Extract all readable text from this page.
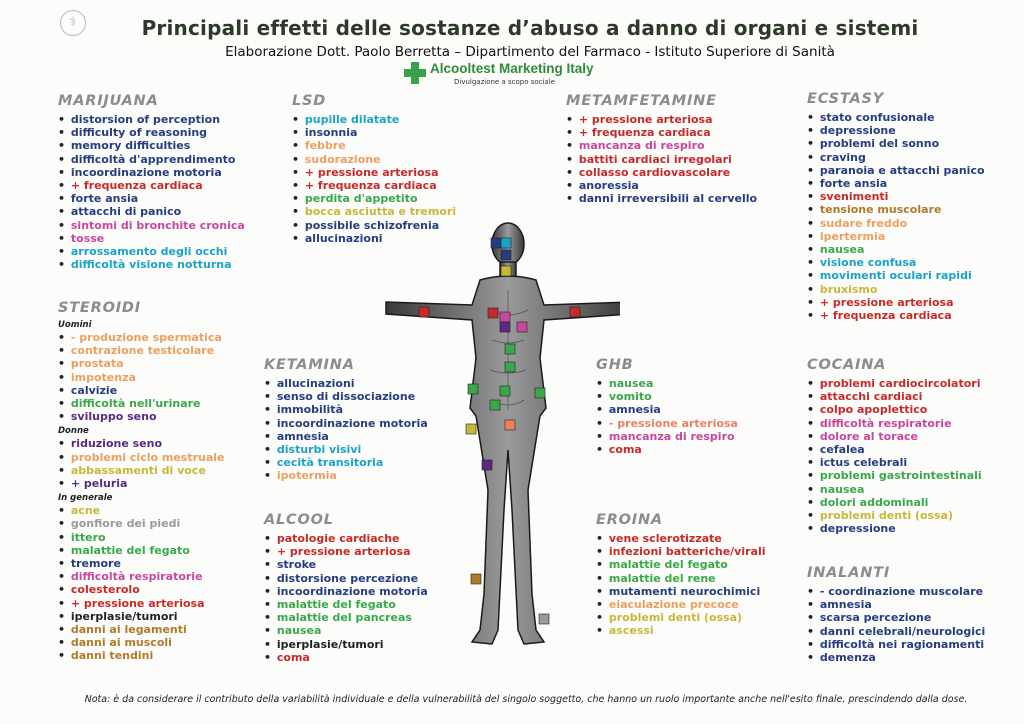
⚕	Principali effetti delle sostanze d’abuso a danno di organi e sistemi
Elaborazione Dott. Paolo Berretta – Dipartimento del Farmaco - Istituto Superiore di Sanità
Alcooltest Marketing Italy
Divulgazione a scopo sociale
MARIJUANA
• distorsion of perception
• difficulty of reasoning
• memory difficulties
• difficoltà d'apprendimento
• incoordinazione motoria
• + frequenza cardiaca
• forte ansia
• attacchi di panico
• sintomi di bronchite cronica
• tosse
• arrossamento degli occhi
• difficoltà visione notturna
STEROIDI
Uomini
• - produzione spermatica
• contrazione testicolare
• prostata
• impotenza
• calvizie
• difficoltà nell'urinare
• sviluppo seno
Donne
• riduzione seno
• problemi ciclo mestruale
• abbassamenti di voce
• + peluria
In generale
• acne
• gonfiore dei piedi
• ittero
• malattie del fegato
• tremore
• difficoltà respiratorie
• colesterolo
• + pressione arteriosa
• iperplasie/tumori
• danni ai legamenti
• danni ai muscoli
• danni tendini
LSD
• pupille dilatate
• insonnia
• febbre
• sudorazione
• + pressione arteriosa
• + frequenza cardiaca
• perdita d'appetito
• bocca asciutta e tremori
• possibile schizofrenia
• allucinazioni
KETAMINA
• allucinazioni
• senso di dissociazione
• immobilità
• incoordinazione motoria
• amnesia
• disturbi visivi
• cecità transitoria
• ipotermia
ALCOOL
• patologie cardiache
• + pressione arteriosa
• stroke
• distorsione percezione
• incoordinazione motoria
• malattie del fegato
• malattie del pancreas
• nausea
• iperplasie/tumori
• coma
METAMFETAMINE
• + pressione arteriosa
• + frequenza cardiaca
• mancanza di respiro
• battiti cardiaci irregolari
• collasso cardiovascolare
• anoressia
• danni irreversibili al cervello
GHB
• nausea
• vomito
• amnesia
• - pressione arteriosa
• mancanza di respiro
• coma
EROINA
• vene sclerotizzate
• infezioni batteriche/virali
• malattie del fegato
• malattie del rene
• mutamenti neurochimici
• eiaculazione precoce
• problemi denti (ossa)
• ascessi
ECSTASY
• stato confusionale
• depressione
• problemi del sonno
• craving
• paranoia e attacchi panico
• forte ansia
• svenimenti
• tensione muscolare
• sudare freddo
• ipertermia
• nausea
• visione confusa
• movimenti oculari rapidi
• bruxismo
• + pressione arteriosa
• + frequenza cardiaca
COCAINA
• problemi cardiocircolatori
• attacchi cardiaci
• colpo apoplettico
• difficoltà respiratorie
• dolore al torace
• cefalea
• ictus celebrali
• problemi gastrointestinali
• nausea
• dolori addominali
• problemi denti (ossa)
• depressione
INALANTI
• - coordinazione muscolare
• amnesia
• scarsa percezione
• danni celebrali/neurologici
• difficoltà nei ragionamenti
• demenza
Nota: è da considerare il contributo della variabilità individuale e della vulnerabilità del singolo soggetto, che hanno un ruolo importante anche nell'esito finale, prescindendo dalla dose.
